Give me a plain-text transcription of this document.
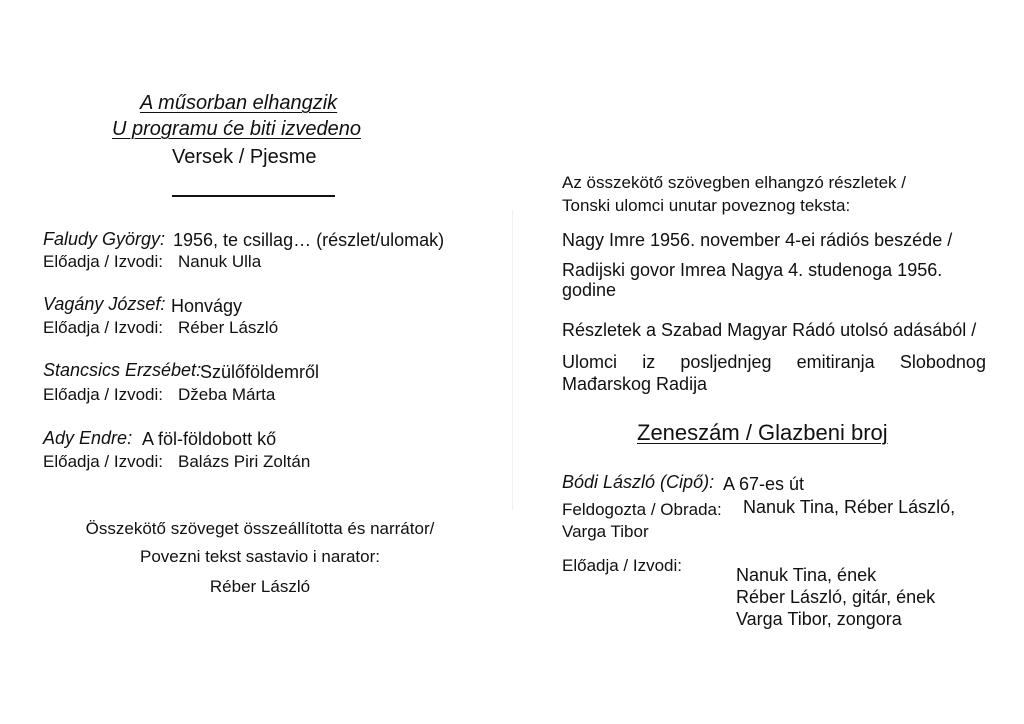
A műsorban elhangzik
U programu će biti izvedeno
Versek / Pjesme
Faludy György: 1956, te csillag… (részlet/ulomak)
Előadja / Izvodi: Nanuk Ulla
Vagány József: Honvágy
Előadja / Izvodi: Réber László
Stancsics Erzsébet:
Szülőföldemről
Előadja / Izvodi: Džeba Márta
Ady Endre: A föl-földobott kő
Előadja / Izvodi: Balázs Piri Zoltán
Összekötő szöveget összeállította és narrátor/
Povezni tekst sastavio i narator:
Réber László
Az összekötő szövegben elhangzó részletek /
Tonski ulomci unutar poveznog teksta:
Nagy Imre 1956. november 4-ei rádiós beszéde /
Radijski govor Imrea Nagya 4. studenoga 1956.
godine
Részletek a Szabad Magyar Rádó utolsó adásából /
Ulomci iz posljednjeg emitiranja Slobodnog
Mađarskog Radija
Zeneszám / Glazbeni broj
Bódi László (Cipő): A 67-es út
Feldogozta / Obrada: Nanuk Tina, Réber László,
Varga Tibor
Előadja / Izvodi:	Nanuk Tina, ének
Réber László, gitár, ének
Varga Tibor, zongora
